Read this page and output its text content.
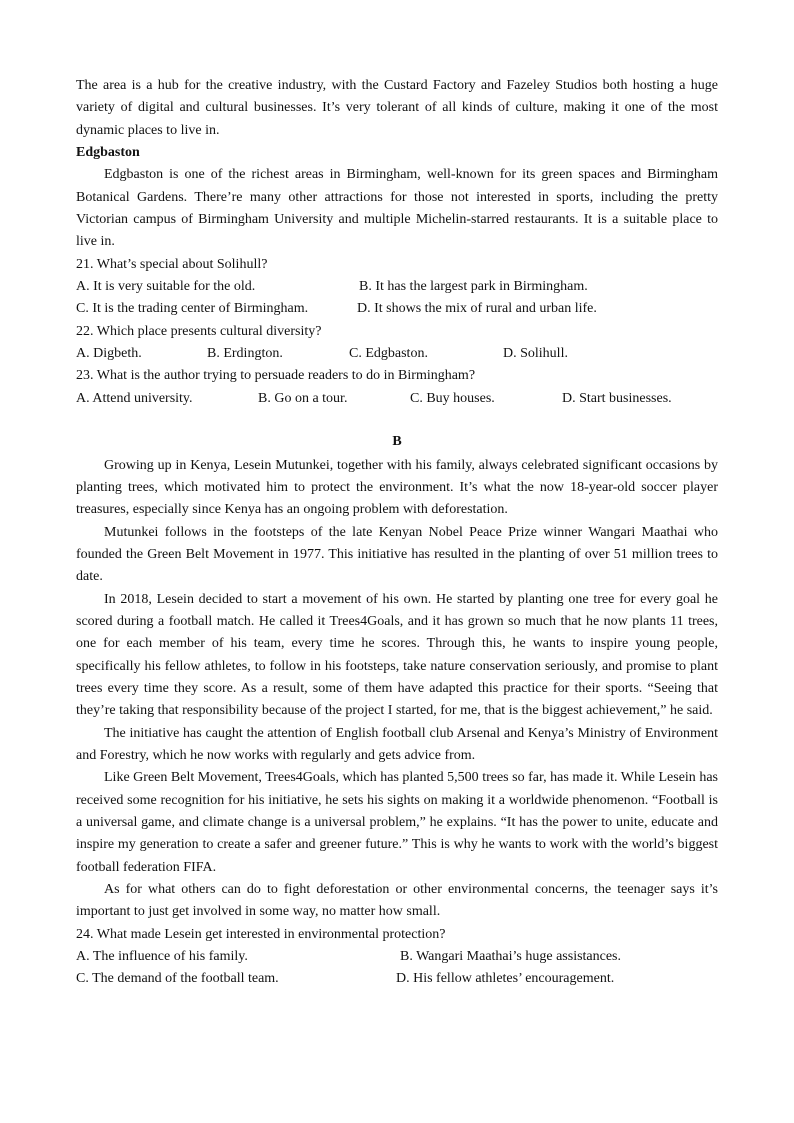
The area is a hub for the creative industry, with the Custard Factory and Fazeley Studios both hosting a huge variety of digital and cultural businesses. It’s very tolerant of all kinds of culture, making it one of the most dynamic places to live in.

Edgbaston

Edgbaston is one of the richest areas in Birmingham, well-known for its green spaces and Birmingham Botanical Gardens. There’re many other attractions for those not interested in sports, including the pretty Victorian campus of Birmingham University and multiple Michelin-starred restaurants. It is a suitable place to live in.

21. What’s special about Solihull?

A. It is very suitable for the old.	B. It has the largest park in Birmingham.
C. It is the trading center of Birmingham.	D. It shows the mix of rural and urban life.

22. Which place presents cultural diversity?

A. Digbeth.	B. Erdington.	C. Edgbaston.	D. Solihull.

23. What is the author trying to persuade readers to do in Birmingham?

A. Attend university.	B. Go on a tour.	C. Buy houses.	D. Start businesses.

B

Growing up in Kenya, Lesein Mutunkei, together with his family, always celebrated significant occasions by planting trees, which motivated him to protect the environment. It’s what the now 18-year-old soccer player treasures, especially since Kenya has an ongoing problem with deforestation.

Mutunkei follows in the footsteps of the late Kenyan Nobel Peace Prize winner Wangari Maathai who founded the Green Belt Movement in 1977. This initiative has resulted in the planting of over 51 million trees to date.

In 2018, Lesein decided to start a movement of his own. He started by planting one tree for every goal he scored during a football match. He called it Trees4Goals, and it has grown so much that he now plants 11 trees, one for each member of his team, every time he scores. Through this, he wants to inspire young people, specifically his fellow athletes, to follow in his footsteps, take nature conservation seriously, and promise to plant trees every time they score. As a result, some of them have adapted this practice for their sports. “Seeing that they’re taking that responsibility because of the project I started, for me, that is the biggest achievement,” he said.

The initiative has caught the attention of English football club Arsenal and Kenya’s Ministry of Environment and Forestry, which he now works with regularly and gets advice from.

Like Green Belt Movement, Trees4Goals, which has planted 5,500 trees so far, has made it. While Lesein has received some recognition for his initiative, he sets his sights on making it a worldwide phenomenon. “Football is a universal game, and climate change is a universal problem,” he explains. “It has the power to unite, educate and inspire my generation to create a safer and greener future.” This is why he wants to work with the world’s biggest football federation FIFA.

As for what others can do to fight deforestation or other environmental concerns, the teenager says it’s important to just get involved in some way, no matter how small.

24. What made Lesein get interested in environmental protection?

A. The influence of his family.	B. Wangari Maathai’s huge assistances.
C. The demand of the football team.	D. His fellow athletes’ encouragement.
